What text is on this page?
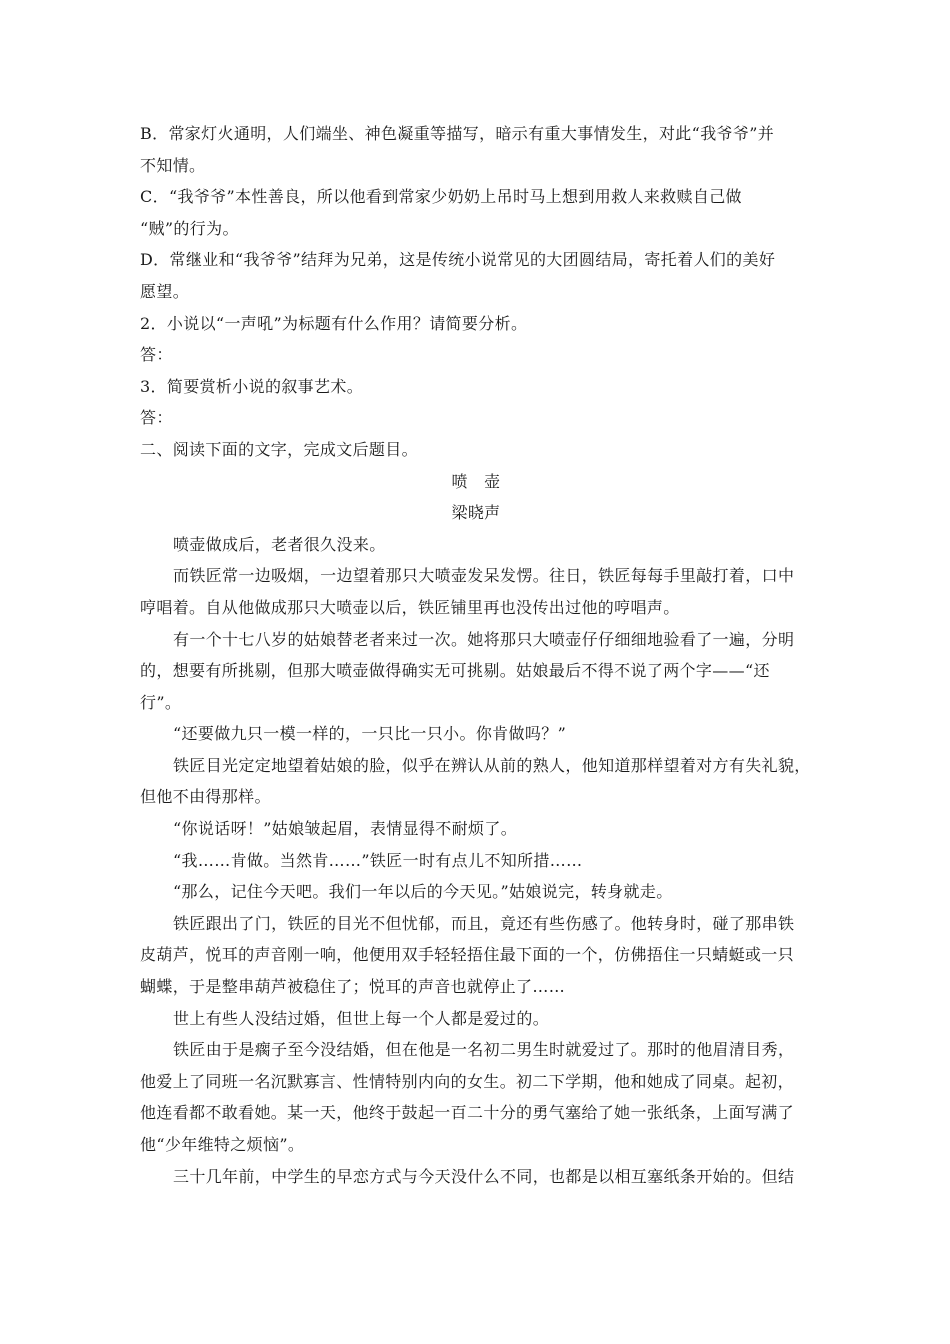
B．常家灯火通明，人们端坐、神色凝重等描写，暗示有重大事情发生，对此“我爷爷”并
不知情。
C．“我爷爷”本性善良，所以他看到常家少奶奶上吊时马上想到用救人来救赎自己做
“贼”的行为。
D．常继业和“我爷爷”结拜为兄弟，这是传统小说常见的大团圆结局，寄托着人们的美好
愿望。
2．小说以“一声吼”为标题有什么作用？请简要分析。
答：
3．简要赏析小说的叙事艺术。
答：
二、阅读下面的文字，完成文后题目。
喷　壶
梁晓声
喷壶做成后，老者很久没来。
而铁匠常一边吸烟，一边望着那只大喷壶发呆发愣。往日，铁匠每每手里敲打着，口中
哼唱着。自从他做成那只大喷壶以后，铁匠铺里再也没传出过他的哼唱声。
有一个十七八岁的姑娘替老者来过一次。她将那只大喷壶仔仔细细地验看了一遍，分明
的，想要有所挑剔，但那大喷壶做得确实无可挑剔。姑娘最后不得不说了两个字——“还
行”。
“还要做九只一模一样的，一只比一只小。你肯做吗？”
铁匠目光定定地望着姑娘的脸，似乎在辨认从前的熟人，他知道那样望着对方有失礼貌，
但他不由得那样。
“你说话呀！”姑娘皱起眉，表情显得不耐烦了。
“我……肯做。当然肯……”铁匠一时有点儿不知所措……
“那么，记住今天吧。我们一年以后的今天见。”姑娘说完，转身就走。
铁匠跟出了门，铁匠的目光不但忧郁，而且，竟还有些伤感了。他转身时，碰了那串铁
皮葫芦，悦耳的声音刚一响，他便用双手轻轻捂住最下面的一个，仿佛捂住一只蜻蜓或一只
蝴蝶，于是整串葫芦被稳住了；悦耳的声音也就停止了……
世上有些人没结过婚，但世上每一个人都是爱过的。
铁匠由于是瘸子至今没结婚，但在他是一名初二男生时就爱过了。那时的他眉清目秀，
他爱上了同班一名沉默寡言、性情特别内向的女生。初二下学期，他和她成了同桌。起初，
他连看都不敢看她。某一天，他终于鼓起一百二十分的勇气塞给了她一张纸条，上面写满了
他“少年维特之烦恼”。
三十几年前，中学生的早恋方式与今天没什么不同，也都是以相互塞纸条开始的。但结
